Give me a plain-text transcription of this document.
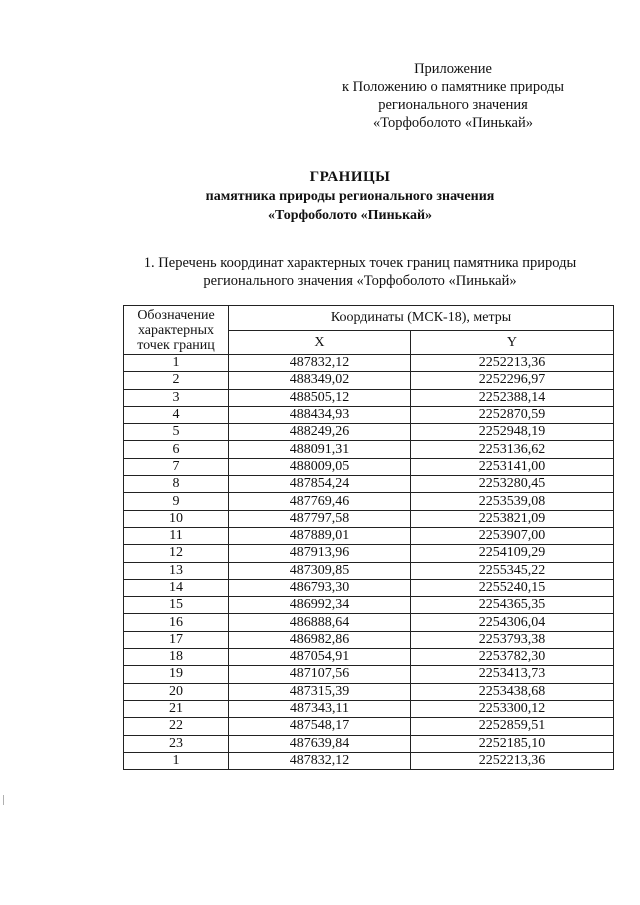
Приложение
к Положению о памятнике природы
регионального значения
«Торфоболото «Пинькай»
ГРАНИЦЫ
памятника природы регионального значения
«Торфоболото «Пинькай»
1. Перечень координат характерных точек границ памятника природы
регионального значения «Торфоболото «Пинькай»
Обозначение
характерных
точек границ	Координаты (МСК-18), метры	
	X	Y
1	487832,12	2252213,36
2	488349,02	2252296,97
3	488505,12	2252388,14
4	488434,93	2252870,59
5	488249,26	2252948,19
6	488091,31	2253136,62
7	488009,05	2253141,00
8	487854,24	2253280,45
9	487769,46	2253539,08
10	487797,58	2253821,09
11	487889,01	2253907,00
12	487913,96	2254109,29
13	487309,85	2255345,22
14	486793,30	2255240,15
15	486992,34	2254365,35
16	486888,64	2254306,04
17	486982,86	2253793,38
18	487054,91	2253782,30
19	487107,56	2253413,73
20	487315,39	2253438,68
21	487343,11	2253300,12
22	487548,17	2252859,51
23	487639,84	2252185,10
1	487832,12	2252213,36
